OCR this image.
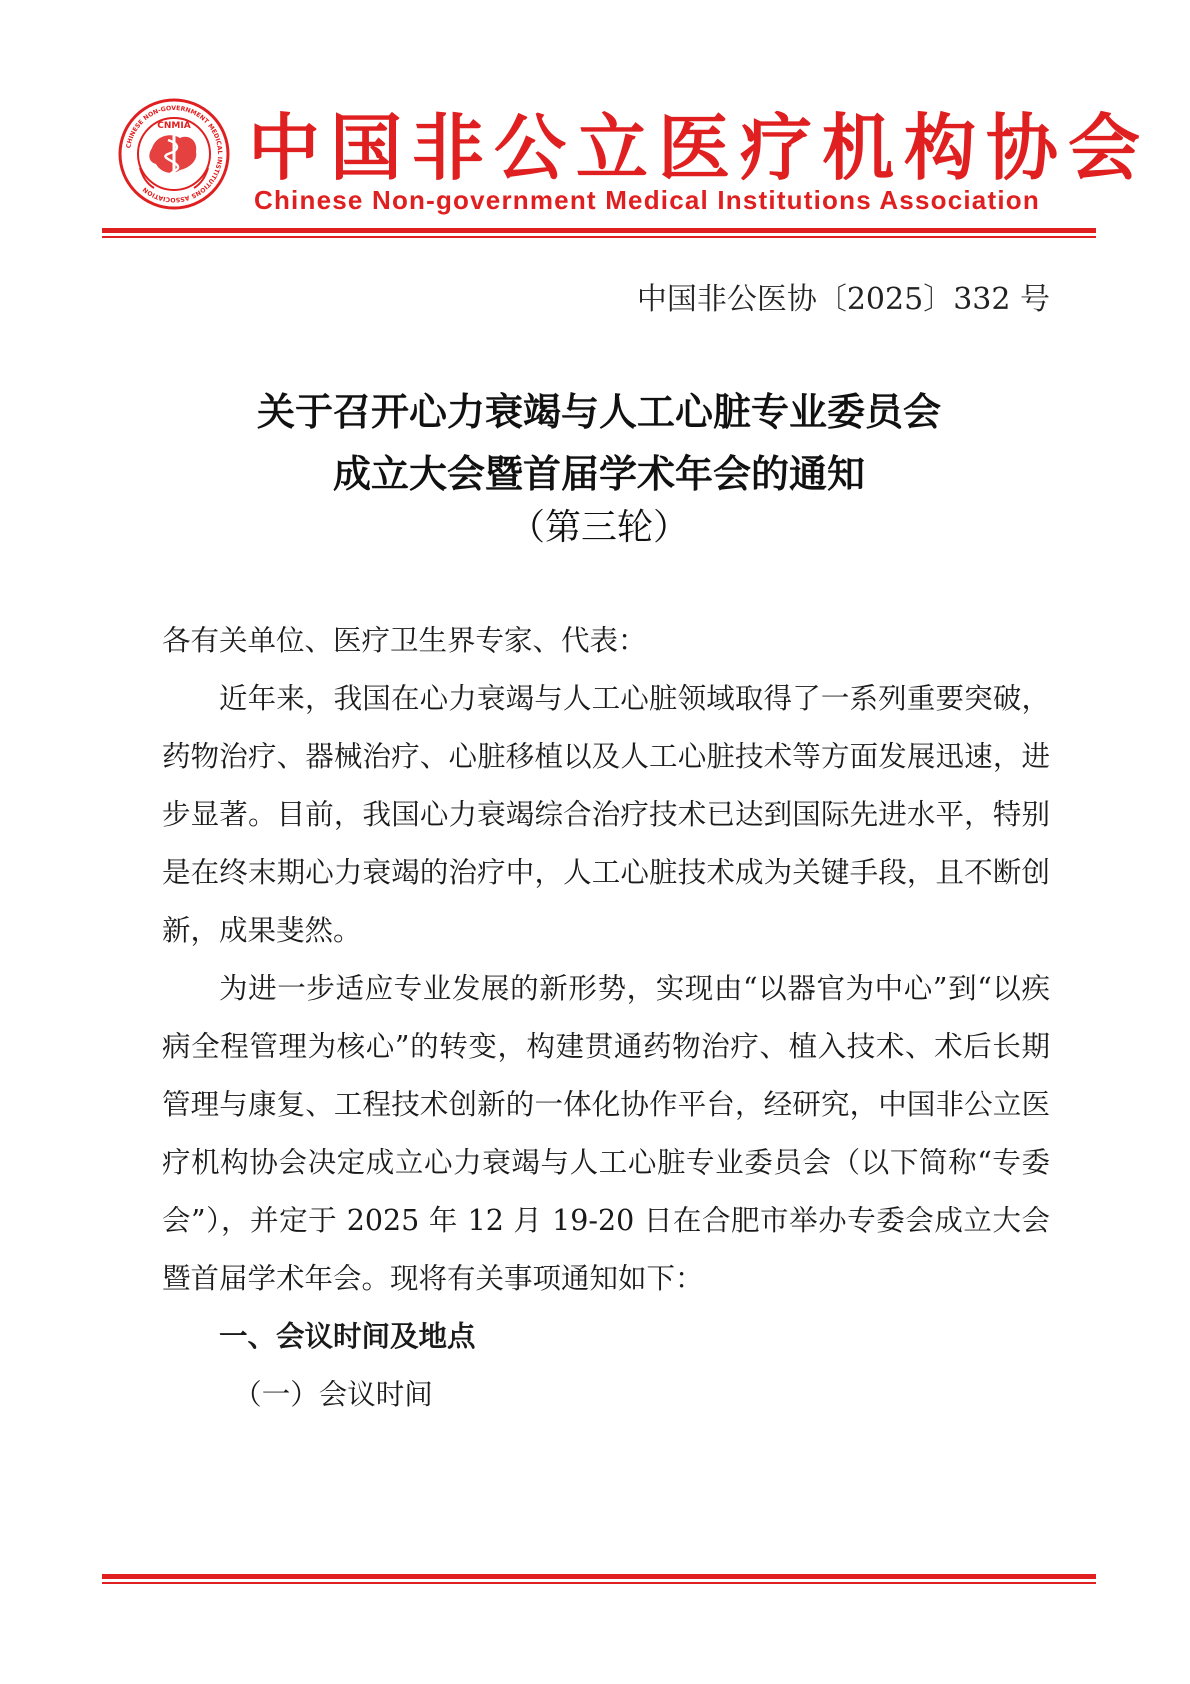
CHINESE NON-GOVERNMENT MEDICAL INSTITUTIONS ASSOCIATION
CNMIA 中国非公立医疗机构协会
Chinese Non-government Medical Institutions Association
中国非公医协〔2025〕332 号
关于召开心力衰竭与人工心脏专业委员会
成立大会暨首届学术年会的通知
（第三轮）

各有关单位、医疗卫生界专家、代表：

近年来，我国在心力衰竭与人工心脏领域取得了一系列重要突破，药物治疗、器械治疗、心脏移植以及人工心脏技术等方面发展迅速，进步显著。目前，我国心力衰竭综合治疗技术已达到国际先进水平，特别是在终末期心力衰竭的治疗中，人工心脏技术成为关键手段，且不断创新，成果斐然。

为进一步适应专业发展的新形势，实现由“以器官为中心”到“以疾病全程管理为核心”的转变，构建贯通药物治疗、植入技术、术后长期管理与康复、工程技术创新的一体化协作平台，经研究，中国非公立医疗机构协会决定成立心力衰竭与人工心脏专业委员会（以下简称“专委会”），并定于 2025 年 12 月 19-20 日在合肥市举办专委会成立大会暨首届学术年会。现将有关事项通知如下：

一、会议时间及地点

（一）会议时间
